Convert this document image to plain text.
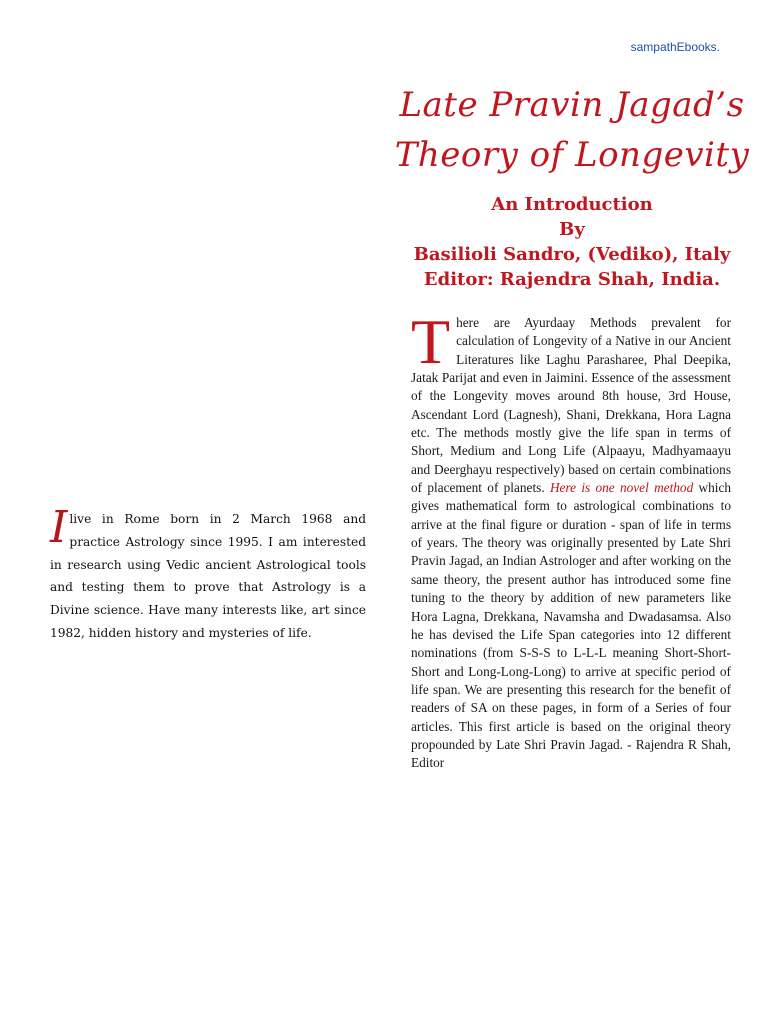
sampathEbooks.
Late Pravin Jagad’s
Theory of Longevity
An Introduction
By
Basilioli Sandro, (Vediko), Italy
Editor: Rajendra Shah, India.
There are Ayurdaay Methods prevalent for calculation of Longevity of a Native in our Ancient Literatures like Laghu Parasharee, Phal Deepika, Jatak Parijat and even in Jaimini. Essence of the assessment of the Longevity moves around 8th house, 3rd House, Ascendant Lord (Lagnesh), Shani, Drekkana, Hora Lagna etc. The methods mostly give the life span in terms of Short, Medium and Long Life (Alpaayu, Madhyamaayu and Deerghayu respectively) based on certain combinations of placement of planets. Here is one novel method which gives mathematical form to astrological combinations to arrive at the final figure or duration - span of life in terms of years. The theory was originally presented by Late Shri Pravin Jagad, an Indian Astrologer and after working on the same theory, the present author has introduced some fine tuning to the theory by addition of new parameters like Hora Lagna, Drekkana, Navamsha and Dwadasamsa. Also he has devised the Life Span categories into 12 different nominations (from S-S-S to L-L-L meaning Short-Short-Short and Long-Long-Long) to arrive at specific period of life span. We are presenting this research for the benefit of readers of SA on these pages, in form of a Series of four articles. This first article is based on the original theory propounded by Late Shri Pravin Jagad. - Rajendra R Shah, Editor
I live in Rome born in 2 March 1968 and practice Astrology since 1995. I am interested in research using Vedic ancient Astrological tools and testing them to prove that Astrology is a Divine science. Have many interests like, art since 1982, hidden history and mysteries of life.
